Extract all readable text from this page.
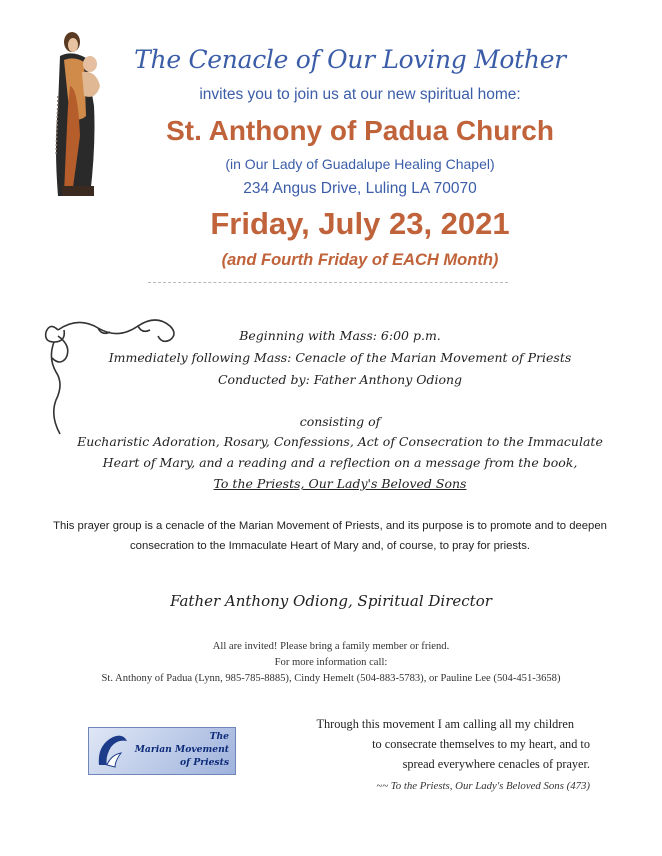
The Cenacle of Our Loving Mother
invites you to join us at our new spiritual home:
St. Anthony of Padua Church
(in Our Lady of Guadalupe Healing Chapel)
234 Angus Drive, Luling LA 70070
Friday, July 23, 2021
(and Fourth Friday of EACH Month)
Beginning with Mass: 6:00 p.m.
Immediately following Mass: Cenacle of the Marian Movement of Priests
Conducted by: Father Anthony Odiong
consisting of
Eucharistic Adoration, Rosary, Confessions, Act of Consecration to the Immaculate
Heart of Mary, and a reading and a reflection on a message from the book,
To the Priests, Our Lady's Beloved Sons
This prayer group is a cenacle of the Marian Movement of Priests, and its purpose is to promote and to deepen
consecration to the Immaculate Heart of Mary and, of course, to pray for priests.
Father Anthony Odiong, Spiritual Director
All are invited! Please bring a family member or friend.
For more information call:
St. Anthony of Padua (Lynn, 985-785-8885), Cindy Hemelt (504-883-5783), or Pauline Lee (504-451-3658)
The
Marian Movement
of Priests
Through this movement I am calling all my children
to consecrate themselves to my heart, and to
spread everywhere cenacles of prayer.
~~ To the Priests, Our Lady's Beloved Sons (473)
